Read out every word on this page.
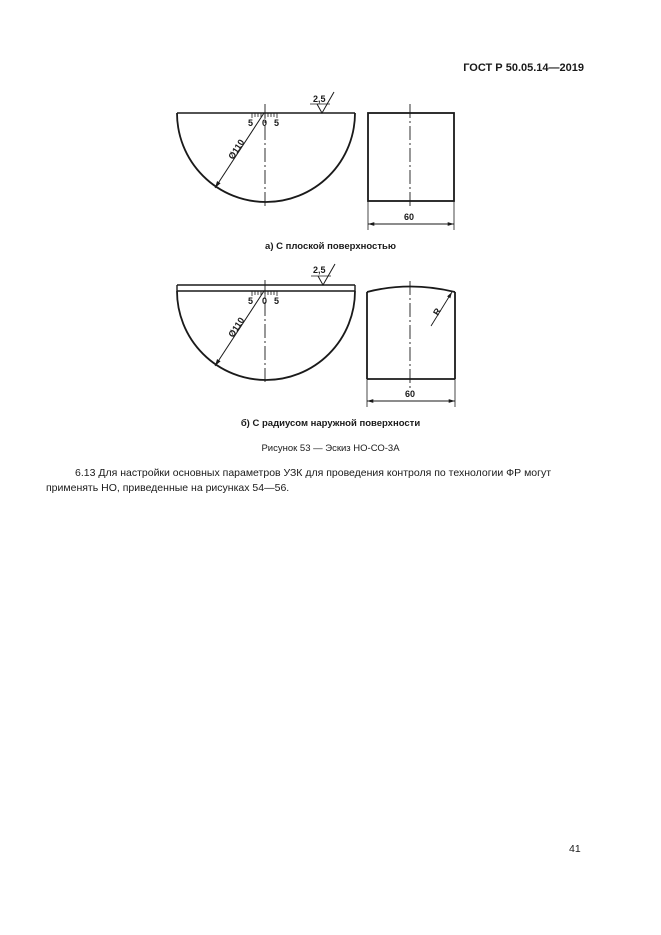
ГОСТ Р 50.05.14—2019
2,5
5 0 5
Ø110
60
2,5
5 0 5
Ø110
R
60
а) С плоской поверхностью
б) С радиусом наружной поверхности
Рисунок 53 — Эскиз НО-СО-3А
6.13 Для настройки основных параметров УЗК для проведения контроля по технологии ФР могут применять НО, приведенные на рисунках 54—56.
41
